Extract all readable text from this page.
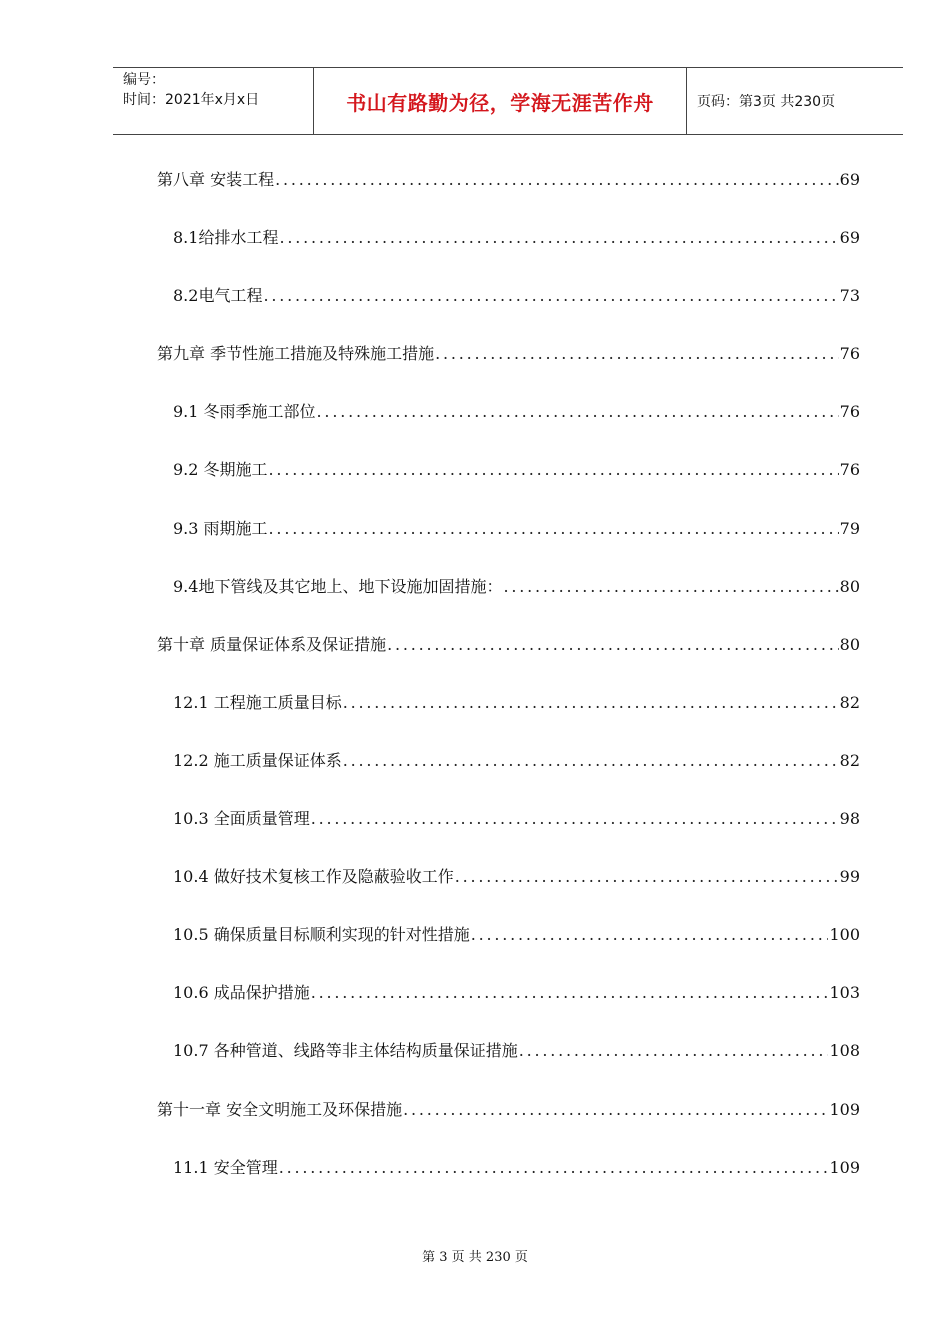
编号：
时间：2021年x月x日	书山有路勤为径，学海无涯苦作舟	页码：第3页 共230页
第八章 安装工程 .....	69
8.1给排水工程 .....	69
8.2电气工程 .....	73
第九章 季节性施工措施及特殊施工措施 .....	76
9.1 冬雨季施工部位 .....	76
9.2 冬期施工 .....	76
9.3 雨期施工 .....	79
9.4地下管线及其它地上、地下设施加固措施： .....	80
第十章 质量保证体系及保证措施 .....	80
12.1 工程施工质量目标 .....	82
12.2 施工质量保证体系 .....	82
10.3 全面质量管理 .....	98
10.4 做好技术复核工作及隐蔽验收工作 .....	99
10.5 确保质量目标顺利实现的针对性措施 .....	100
10.6 成品保护措施 .....	103
10.7 各种管道、线路等非主体结构质量保证措施 .....	108
第十一章 安全文明施工及环保措施 .....	109
11.1 安全管理 .....	109
第 3 页 共 230 页
